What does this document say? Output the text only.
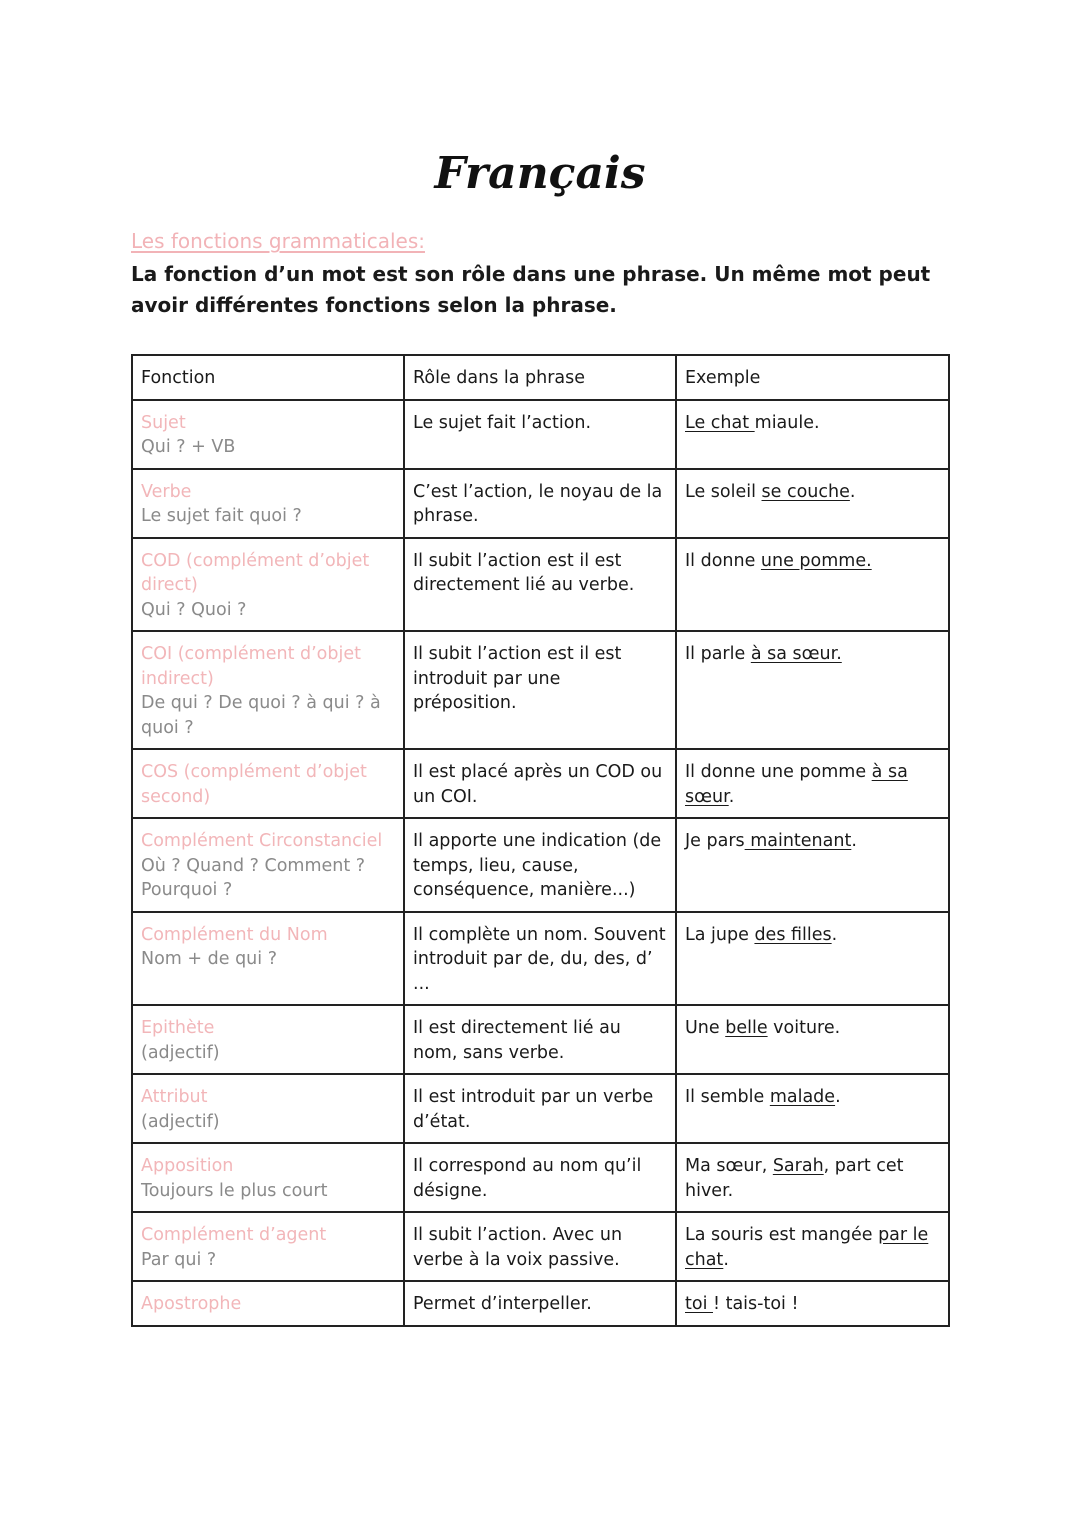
Français
Les fonctions grammaticales:
La fonction d’un mot est son rôle dans une phrase. Un même mot peut avoir différentes fonctions selon la phrase.
Fonction	Rôle dans la phrase	Exemple

Sujet
Qui ? + VB	Le sujet fait l’action.	Le chat miaule.

Verbe
Le sujet fait quoi ?	C’est l’action, le noyau de la phrase.	Le soleil se couche.

COD (complément d’objet direct)
Qui ? Quoi ?	Il subit l’action est il est directement lié au verbe.	Il donne une pomme.

COI (complément d’objet indirect)
De qui ? De quoi ? à qui ? à quoi ?	Il subit l’action est il est introduit par une préposition.	Il parle à sa sœur.

COS (complément d’objet second)	Il est placé après un COD ou un COI.	Il donne une pomme à sa sœur.

Complément Circonstanciel
Où ? Quand ? Comment ? Pourquoi ?	Il apporte une indication (de temps, lieu, cause, conséquence, manière...)	Je pars maintenant.

Complément du Nom
Nom + de qui ?	Il complète un nom. Souvent introduit par de, du, des, d’ ...	La jupe des filles.

Epithète
(adjectif)	Il est directement lié au nom, sans verbe.	Une belle voiture.

Attribut
(adjectif)	Il est introduit par un verbe d’état.	Il semble malade.

Apposition
Toujours le plus court	Il correspond au nom qu’il désigne.	Ma sœur, Sarah, part cet hiver.

Complément d’agent
Par qui ?	Il subit l’action. Avec un verbe à la voix passive.	La souris est mangée par le chat.

Apostrophe	Permet d’interpeller.	toi ! tais-toi !
